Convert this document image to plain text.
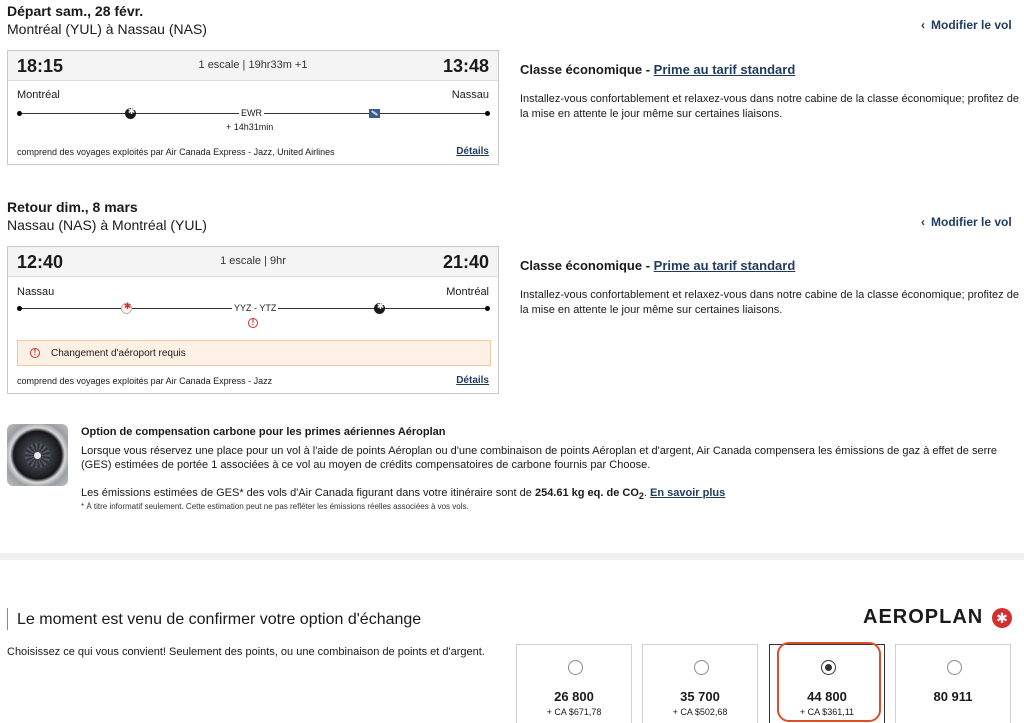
Départ sam., 28 févr.
Montréal (YUL) à Nassau (NAS)	‹ Modifier le vol
18:15	1 escale | 19hr33m +1	13:48
Montréal	Nassau
✱
EWR
+ 14h31min
comprend des voyages exploités par Air Canada Express - Jazz, United Airlines	Détails
Classe économique - Prime au tarif standard
Installez-vous confortablement et relaxez-vous dans notre cabine de la classe économique; profitez de la mise en attente le jour même sur certaines liaisons.
Retour dim., 8 mars
Nassau (NAS) à Montréal (YUL)	‹ Modifier le vol
12:40	1 escale | 9hr	21:40
Nassau	Montréal
✱
✱
YYZ - YTZ
!
!	Changement d'aéroport requis
comprend des voyages exploités par Air Canada Express - Jazz	Détails
Classe économique - Prime au tarif standard
Installez-vous confortablement et relaxez-vous dans notre cabine de la classe économique; profitez de la mise en attente le jour même sur certaines liaisons.
Option de compensation carbone pour les primes aériennes Aéroplan
Lorsque vous réservez une place pour un vol à l'aide de points Aéroplan ou d'une combinaison de points Aéroplan et d'argent, Air Canada compensera les émissions de gaz à effet de serre (GES) estimées de portée 1 associées à ce vol au moyen de crédits compensatoires de carbone fournis par Choose.
Les émissions estimées de GES* des vols d'Air Canada figurant dans votre itinéraire sont de 254.61 kg eq. de $CO_2$. En savoir plus
* À titre informatif seulement. Cette estimation peut ne pas refléter les émissions réelles associées à vos vols.
Le moment est venu de confirmer votre option d'échange
Choisissez ce qui vous convient! Seulement des points, ou une combinaison de points et d'argent.
AEROPLAN ✱
26 800
+ CA $671,78
35 700
+ CA $502,68
44 800
+ CA $361,11
80 911
